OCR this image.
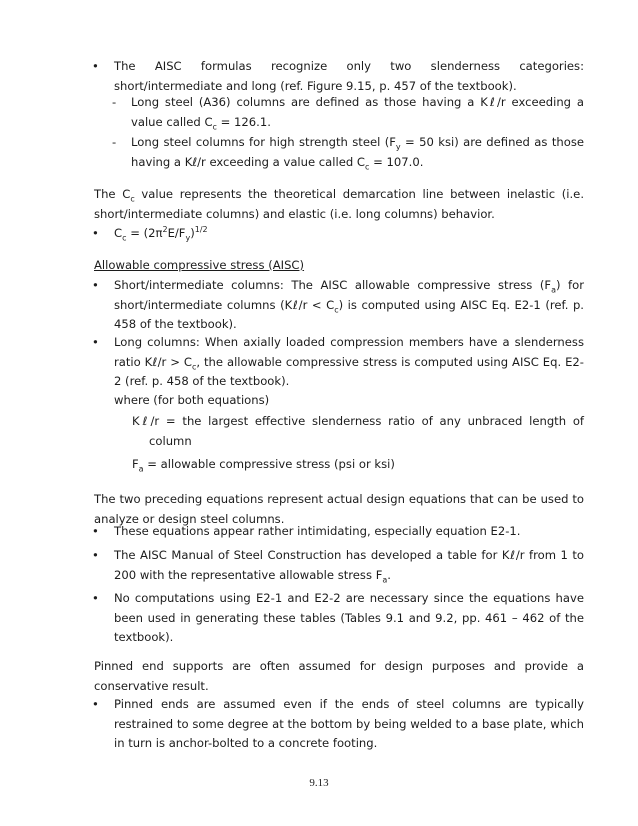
•	The AISC formulas recognize only two slenderness categories: short/intermediate and long (ref. Figure 9.15, p. 457 of the textbook).
- Long steel (A36) columns are defined as those having a Kℓ/r exceeding a value called $C_c = 126.1$.
- Long steel columns for high strength steel ($F_y = 50$ ksi) are defined as those having a Kℓ/r exceeding a value called $C_c = 107.0$.
The $C_c$ value represents the theoretical demarcation line between inelastic (i.e. short/intermediate columns) and elastic (i.e. long columns) behavior.
•	$C_c = (2\pi^2E/F_y)^{1/2}$
Allowable compressive stress (AISC)
•	Short/intermediate columns: The AISC allowable compressive stress $(F_a)$ for short/intermediate columns (Kℓ/r < $C_c$) is computed using AISC Eq. E2-1 (ref. p. 458 of the textbook).
•	Long columns: When axially loaded compression members have a slenderness ratio Kℓ/r > $C_c$, the allowable compressive stress is computed using AISC Eq. E2-2 (ref. p. 458 of the textbook).
where (for both equations)
Kℓ/r = the largest effective slenderness ratio of any unbraced length of column
$F_a$ = allowable compressive stress (psi or ksi)
The two preceding equations represent actual design equations that can be used to analyze or design steel columns.
•	These equations appear rather intimidating, especially equation E2-1.
•	The AISC Manual of Steel Construction has developed a table for Kℓ/r from 1 to 200 with the representative allowable stress $F_a$.
•	No computations using E2-1 and E2-2 are necessary since the equations have been used in generating these tables (Tables 9.1 and 9.2, pp. 461 – 462 of the textbook).
Pinned end supports are often assumed for design purposes and provide a conservative result.
•	Pinned ends are assumed even if the ends of steel columns are typically restrained to some degree at the bottom by being welded to a base plate, which in turn is anchor-bolted to a concrete footing.
9.13
